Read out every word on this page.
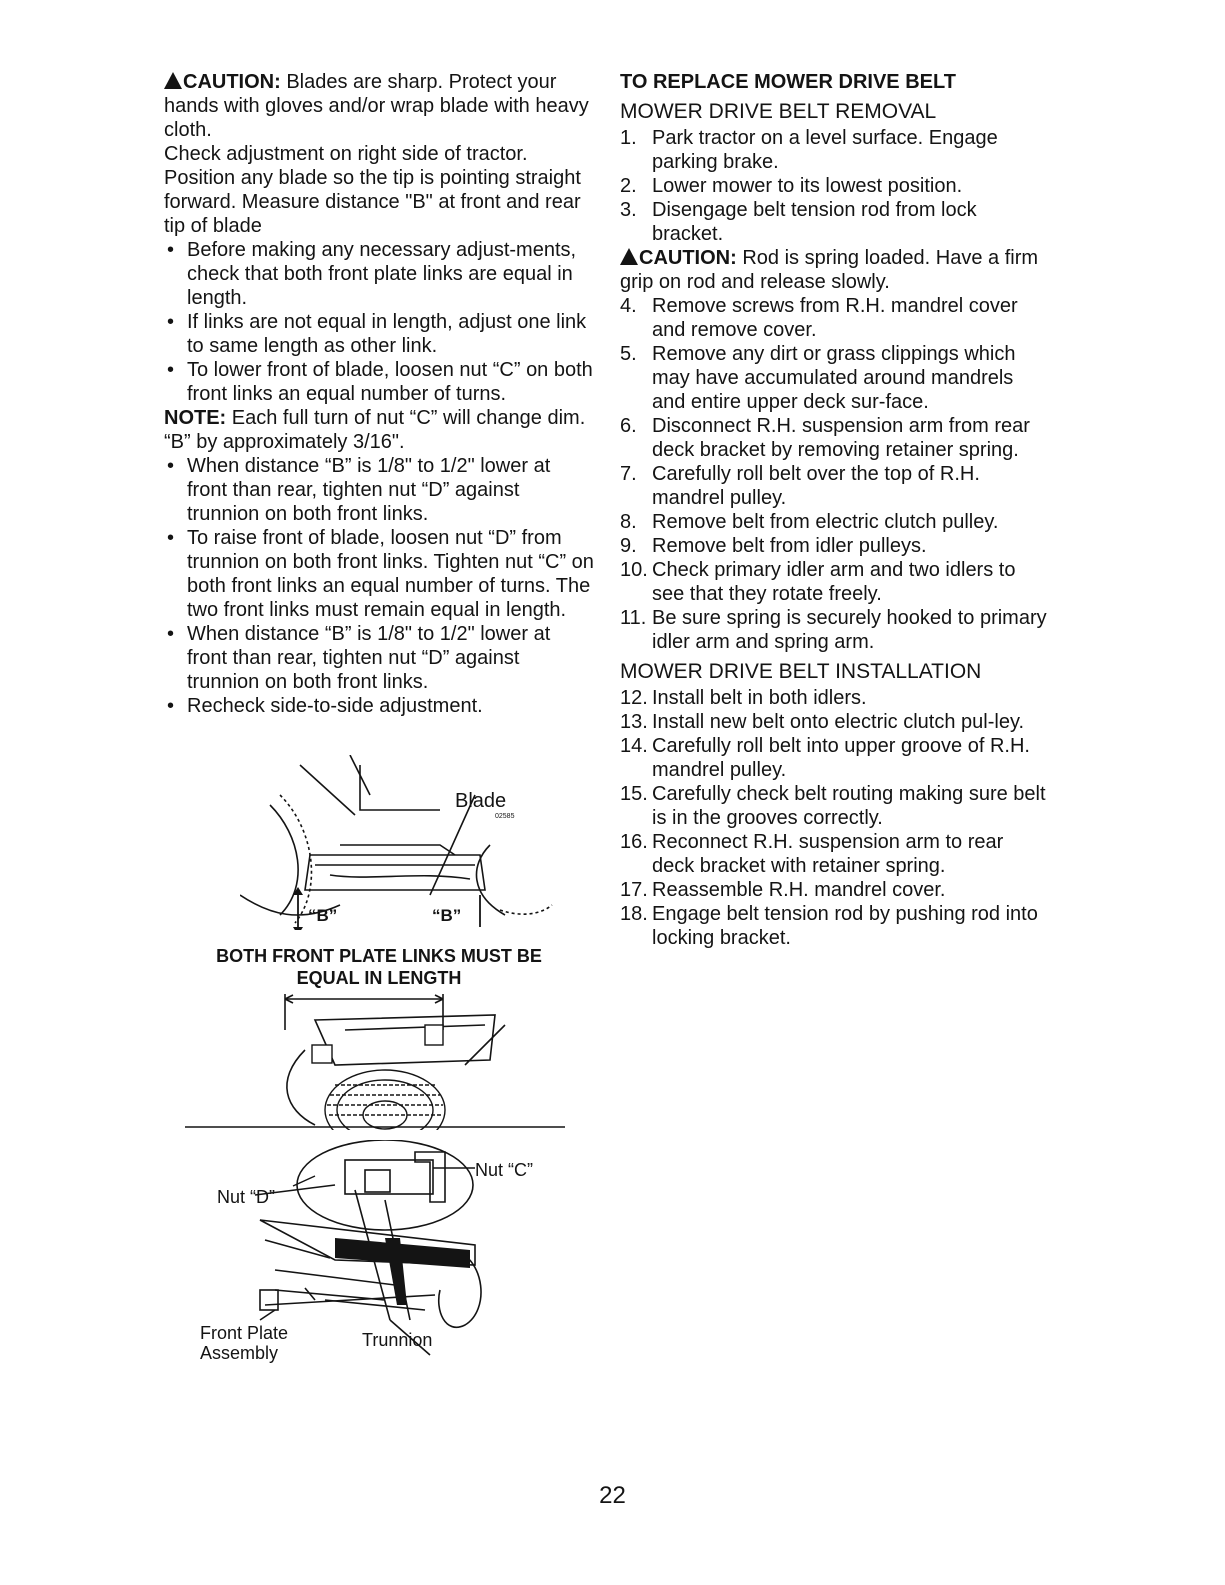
CAUTION: Blades are sharp. Protect your hands with gloves and/or wrap blade with heavy cloth.

Check adjustment on right side of tractor. Position any blade so the tip is pointing straight forward. Measure distance "B" at front and rear tip of blade

• Before making any necessary adjust-ments, check that both front plate links are equal in length.

• If links are not equal in length, adjust one link to same length as other link.

• To lower front of blade, loosen nut “C” on both front links an equal number of turns.

NOTE: Each full turn of nut “C” will change dim. “B” by approximately 3/16".

• When distance “B” is 1/8" to 1/2" lower at front than rear, tighten nut “D” against trunnion on both front links.

• To raise front of blade, loosen nut “D” from trunnion on both front links. Tighten nut “C” on both front links an equal number of turns. The two front links must remain equal in length.

• When distance “B” is 1/8" to 1/2" lower at front than rear, tighten nut “D” against trunnion on both front links.

• Recheck side-to-side adjustment.

“B”	“B”
Blade
02585
BOTH FRONT PLATE LINKS MUST BE
EQUAL IN LENGTH
Nut “C”
Nut “D”
Front Plate
Assembly
Trunnion

TO REPLACE MOWER DRIVE BELT

MOWER DRIVE BELT REMOVAL

1. Park tractor on a level surface. Engage parking brake.

2. Lower mower to its lowest position.

3. Disengage belt tension rod from lock bracket.

CAUTION: Rod is spring loaded. Have a firm grip on rod and release slowly.

4. Remove screws from R.H. mandrel cover and remove cover.

5. Remove any dirt or grass clippings which may have accumulated around mandrels and entire upper deck sur-face.

6. Disconnect R.H. suspension arm from rear deck bracket by removing retainer spring.

7. Carefully roll belt over the top of R.H. mandrel pulley.

8. Remove belt from electric clutch pulley.

9. Remove belt from idler pulleys.

10. Check primary idler arm and two idlers to see that they rotate freely.

11. Be sure spring is securely hooked to primary idler arm and spring arm.

MOWER DRIVE BELT INSTALLATION

12. Install belt in both idlers.

13. Install new belt onto electric clutch pul-ley.

14. Carefully roll belt into upper groove of R.H. mandrel pulley.

15. Carefully check belt routing making sure belt is in the grooves correctly.

16. Reconnect R.H. suspension arm to rear deck bracket with retainer spring.

17. Reassemble R.H. mandrel cover.

18. Engage belt tension rod by pushing rod into locking bracket.

22
